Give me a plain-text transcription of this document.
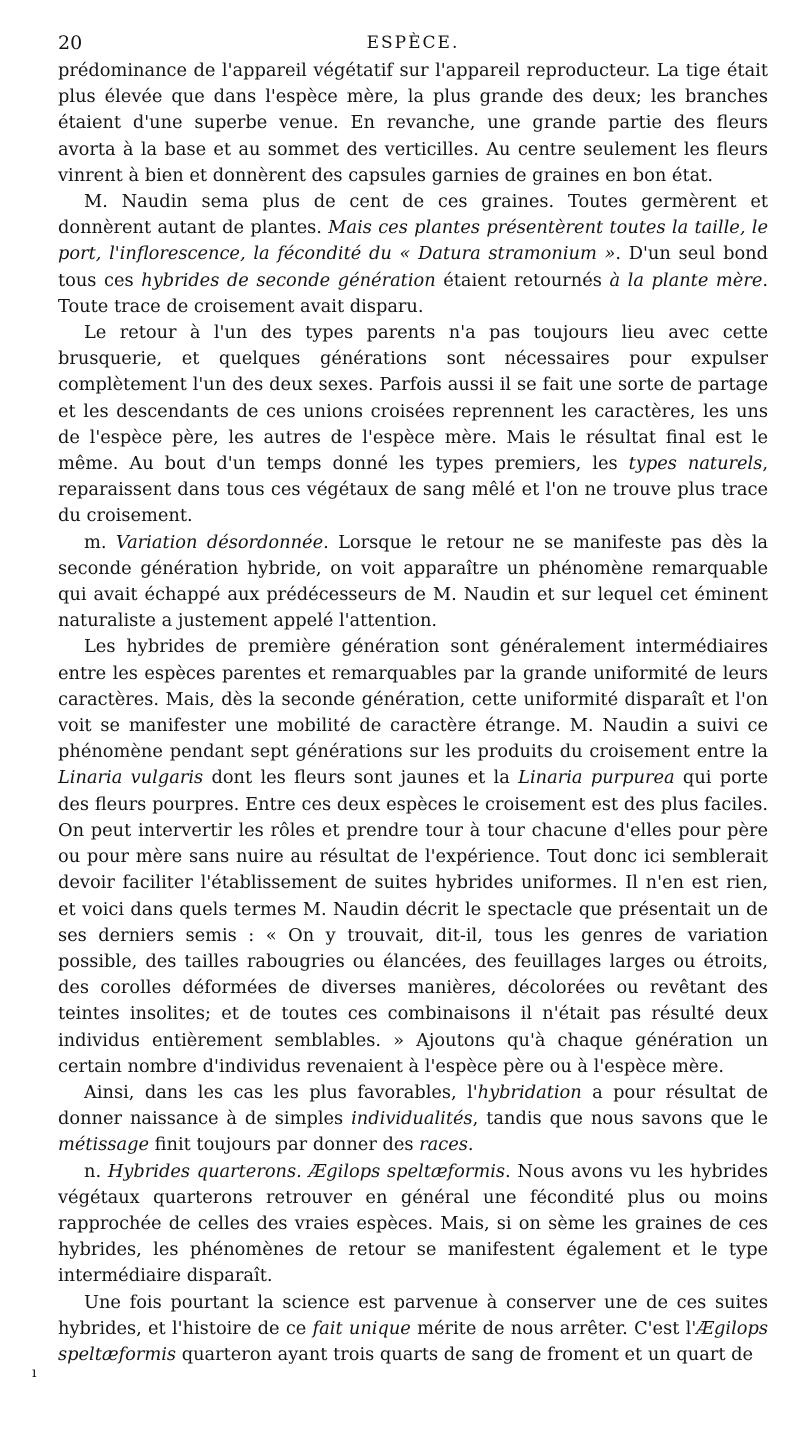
20	ESPÈCE.

prédominance de l'appareil végétatif sur l'appareil reproducteur. La tige était plus élevée que dans l'espèce mère, la plus grande des deux; les branches étaient d'une superbe venue. En revanche, une grande partie des fleurs avorta à la base et au sommet des verticilles. Au centre seulement les fleurs vinrent à bien et donnèrent des capsules garnies de graines en bon état.

M. Naudin sema plus de cent de ces graines. Toutes germèrent et donnèrent autant de plantes. Mais ces plantes présentèrent toutes la taille, le port, l'inflorescence, la fécondité du « Datura stramonium ». D'un seul bond tous ces hybrides de seconde génération étaient retournés à la plante mère. Toute trace de croisement avait disparu.

Le retour à l'un des types parents n'a pas toujours lieu avec cette brusquerie, et quelques générations sont nécessaires pour expulser complètement l'un des deux sexes. Parfois aussi il se fait une sorte de partage et les descendants de ces unions croisées reprennent les caractères, les uns de l'espèce père, les autres de l'espèce mère. Mais le résultat final est le même. Au bout d'un temps donné les types premiers, les types naturels, reparaissent dans tous ces végétaux de sang mêlé et l'on ne trouve plus trace du croisement.

m. Variation désordonnée. Lorsque le retour ne se manifeste pas dès la seconde génération hybride, on voit apparaître un phénomène remarquable qui avait échappé aux prédécesseurs de M. Naudin et sur lequel cet éminent naturaliste a justement appelé l'attention.

Les hybrides de première génération sont généralement intermédiaires entre les espèces parentes et remarquables par la grande uniformité de leurs caractères. Mais, dès la seconde génération, cette uniformité disparaît et l'on voit se manifester une mobilité de caractère étrange. M. Naudin a suivi ce phénomène pendant sept générations sur les produits du croisement entre la Linaria vulgaris dont les fleurs sont jaunes et la Linaria purpurea qui porte des fleurs pourpres. Entre ces deux espèces le croisement est des plus faciles. On peut intervertir les rôles et prendre tour à tour chacune d'elles pour père ou pour mère sans nuire au résultat de l'expérience. Tout donc ici semblerait devoir faciliter l'établissement de suites hybrides uniformes. Il n'en est rien, et voici dans quels termes M. Naudin décrit le spectacle que présentait un de ses derniers semis : « On y trouvait, dit-il, tous les genres de variation possible, des tailles rabougries ou élancées, des feuillages larges ou étroits, des corolles déformées de diverses manières, décolorées ou revêtant des teintes insolites; et de toutes ces combinaisons il n'était pas résulté deux individus entièrement semblables. » Ajoutons qu'à chaque génération un certain nombre d'individus revenaient à l'espèce père ou à l'espèce mère.

Ainsi, dans les cas les plus favorables, l'hybridation a pour résultat de donner naissance à de simples individualités, tandis que nous savons que le métissage finit toujours par donner des races.

n. Hybrides quarterons. Ægilops speltæformis. Nous avons vu les hybrides végétaux quarterons retrouver en général une fécondité plus ou moins rapprochée de celles des vraies espèces. Mais, si on sème les graines de ces hybrides, les phénomènes de retour se manifestent également et le type intermédiaire disparaît.

Une fois pourtant la science est parvenue à conserver une de ces suites hybrides, et l'histoire de ce fait unique mérite de nous arrêter. C'est l'Ægilops speltæformis quarteron ayant trois quarts de sang de froment et un quart de

ı
